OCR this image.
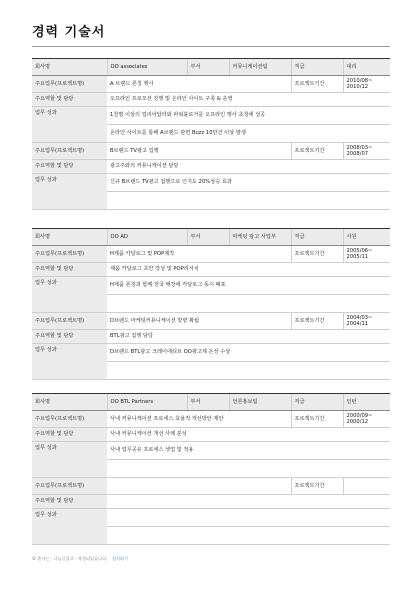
경력 기술서
회사명	OO associates	부서	커뮤니케이션팀	직급	대리
주요업무(프로젝트명)	A 브랜드 론칭 행사			프로젝트기간	2010/08~ 2010/12
주요역할 및 담당	오프라인 프로모션 진행 및 온라인 사이트 구축 & 운영				
업무 성과	1천명 이상의 얼리어답터와 파워블로거를 오프라인 행사 초청에 성공				
	온라인 사이트를 통해 A브랜드 관련 Buzz 10만건 이상 발생				
주요업무(프로젝트명)	B브랜드 TV광고 집행			프로젝트기간	2008/03~ 2008/07
주요역할 및 담당	광고주와의 커뮤니케이션 담당				
업무 성과	신규 B브랜드 TV광고 집행으로 인지도 20%상승 효과				

회사명	OO AD	부서	마케팅 광고 사업부	직급	사원
주요업무(프로젝트명)	H제품 카달로그 및 POP제작			프로젝트기간	2005/06~ 2005/11
주요역할 및 담당	제품 카달로그 초안 작성 및 POP리서치				
업무 성과	H제품 론칭과 함께 전국 매장에 카달로그 동시 배포				

주요업무(프로젝트명)	D브랜드 마케팅커뮤니케이션 방향 확립			프로젝트기간	2004/03~ 2004/11
주요역할 및 담당	BTL광고 집행 담당				
업무 성과	D브랜드 BTL광고 크레이에티브 OO광고제 은상 수상				

회사명	OO BTL Partners	부서	언론홍보팀	직급	인턴
주요업무(프로젝트명)	사내 커뮤니케이션 프로세스 효율적 개선방안 제안			프로젝트기간	2000/09~ 2000/12
주요역할 및 담당	사내 커뮤니케이션 개선 사례 분석				
업무 성과	사내 업무공유 프로세스 셋업 및 적용				

주요업무(프로젝트명)				프로젝트기간	
주요역할 및 담당					
업무 성과					

© 혼사는 · 나눔글꼴로 · 작성되었습니다. 설치하기
